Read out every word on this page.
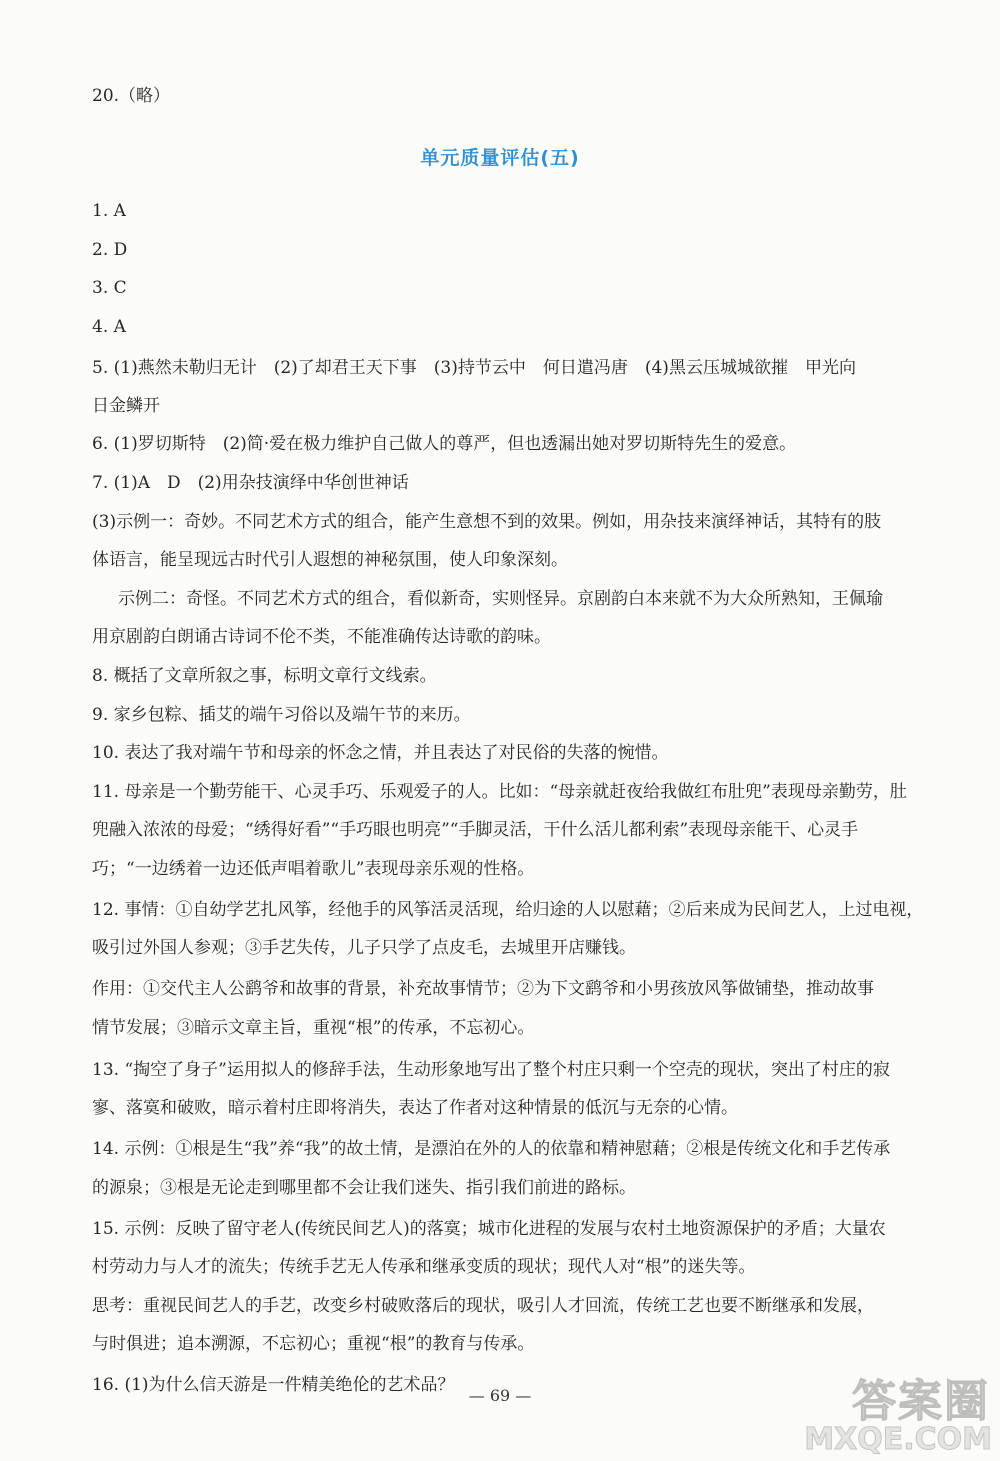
20.（略）
单元质量评估(五)
1. A
2. D
3. C
4. A
5. (1)燕然未勒归无计　(2)了却君王天下事　(3)持节云中　何日遣冯唐　(4)黑云压城城欲摧　甲光向
日金鳞开
6. (1)罗切斯特　(2)简·爱在极力维护自己做人的尊严，但也透漏出她对罗切斯特先生的爱意。
7. (1)A　D　(2)用杂技演绎中华创世神话
(3)示例一：奇妙。不同艺术方式的组合，能产生意想不到的效果。例如，用杂技来演绎神话，其特有的肢
体语言，能呈现远古时代引人遐想的神秘氛围，使人印象深刻。
示例二：奇怪。不同艺术方式的组合，看似新奇，实则怪异。京剧韵白本来就不为大众所熟知，王佩瑜
用京剧韵白朗诵古诗词不伦不类，不能准确传达诗歌的韵味。
8. 概括了文章所叙之事，标明文章行文线索。
9. 家乡包粽、插艾的端午习俗以及端午节的来历。
10. 表达了我对端午节和母亲的怀念之情，并且表达了对民俗的失落的惋惜。
11. 母亲是一个勤劳能干、心灵手巧、乐观爱子的人。比如：“母亲就赶夜给我做红布肚兜”表现母亲勤劳，肚
兜融入浓浓的母爱；“绣得好看”“手巧眼也明亮”“手脚灵活，干什么活儿都利索”表现母亲能干、心灵手
巧；“一边绣着一边还低声唱着歌儿”表现母亲乐观的性格。
12. 事情：①自幼学艺扎风筝，经他手的风筝活灵活现，给归途的人以慰藉；②后来成为民间艺人，上过电视，
吸引过外国人参观；③手艺失传，儿子只学了点皮毛，去城里开店赚钱。
作用：①交代主人公鹞爷和故事的背景，补充故事情节；②为下文鹞爷和小男孩放风筝做铺垫，推动故事
情节发展；③暗示文章主旨，重视“根”的传承，不忘初心。
13. “掏空了身子”运用拟人的修辞手法，生动形象地写出了整个村庄只剩一个空壳的现状，突出了村庄的寂
寥、落寞和破败，暗示着村庄即将消失，表达了作者对这种情景的低沉与无奈的心情。
14. 示例：①根是生“我”养“我”的故土情，是漂泊在外的人的依靠和精神慰藉；②根是传统文化和手艺传承
的源泉；③根是无论走到哪里都不会让我们迷失、指引我们前进的路标。
15. 示例：反映了留守老人(传统民间艺人)的落寞；城市化进程的发展与农村土地资源保护的矛盾；大量农
村劳动力与人才的流失；传统手艺无人传承和继承变质的现状；现代人对“根”的迷失等。
思考：重视民间艺人的手艺，改变乡村破败落后的现状，吸引人才回流，传统工艺也要不断继承和发展，
与时俱进；追本溯源，不忘初心；重视“根”的教育与传承。
16. (1)为什么信天游是一件精美绝伦的艺术品？
— 69 —	答案圈
MXQE.COM
